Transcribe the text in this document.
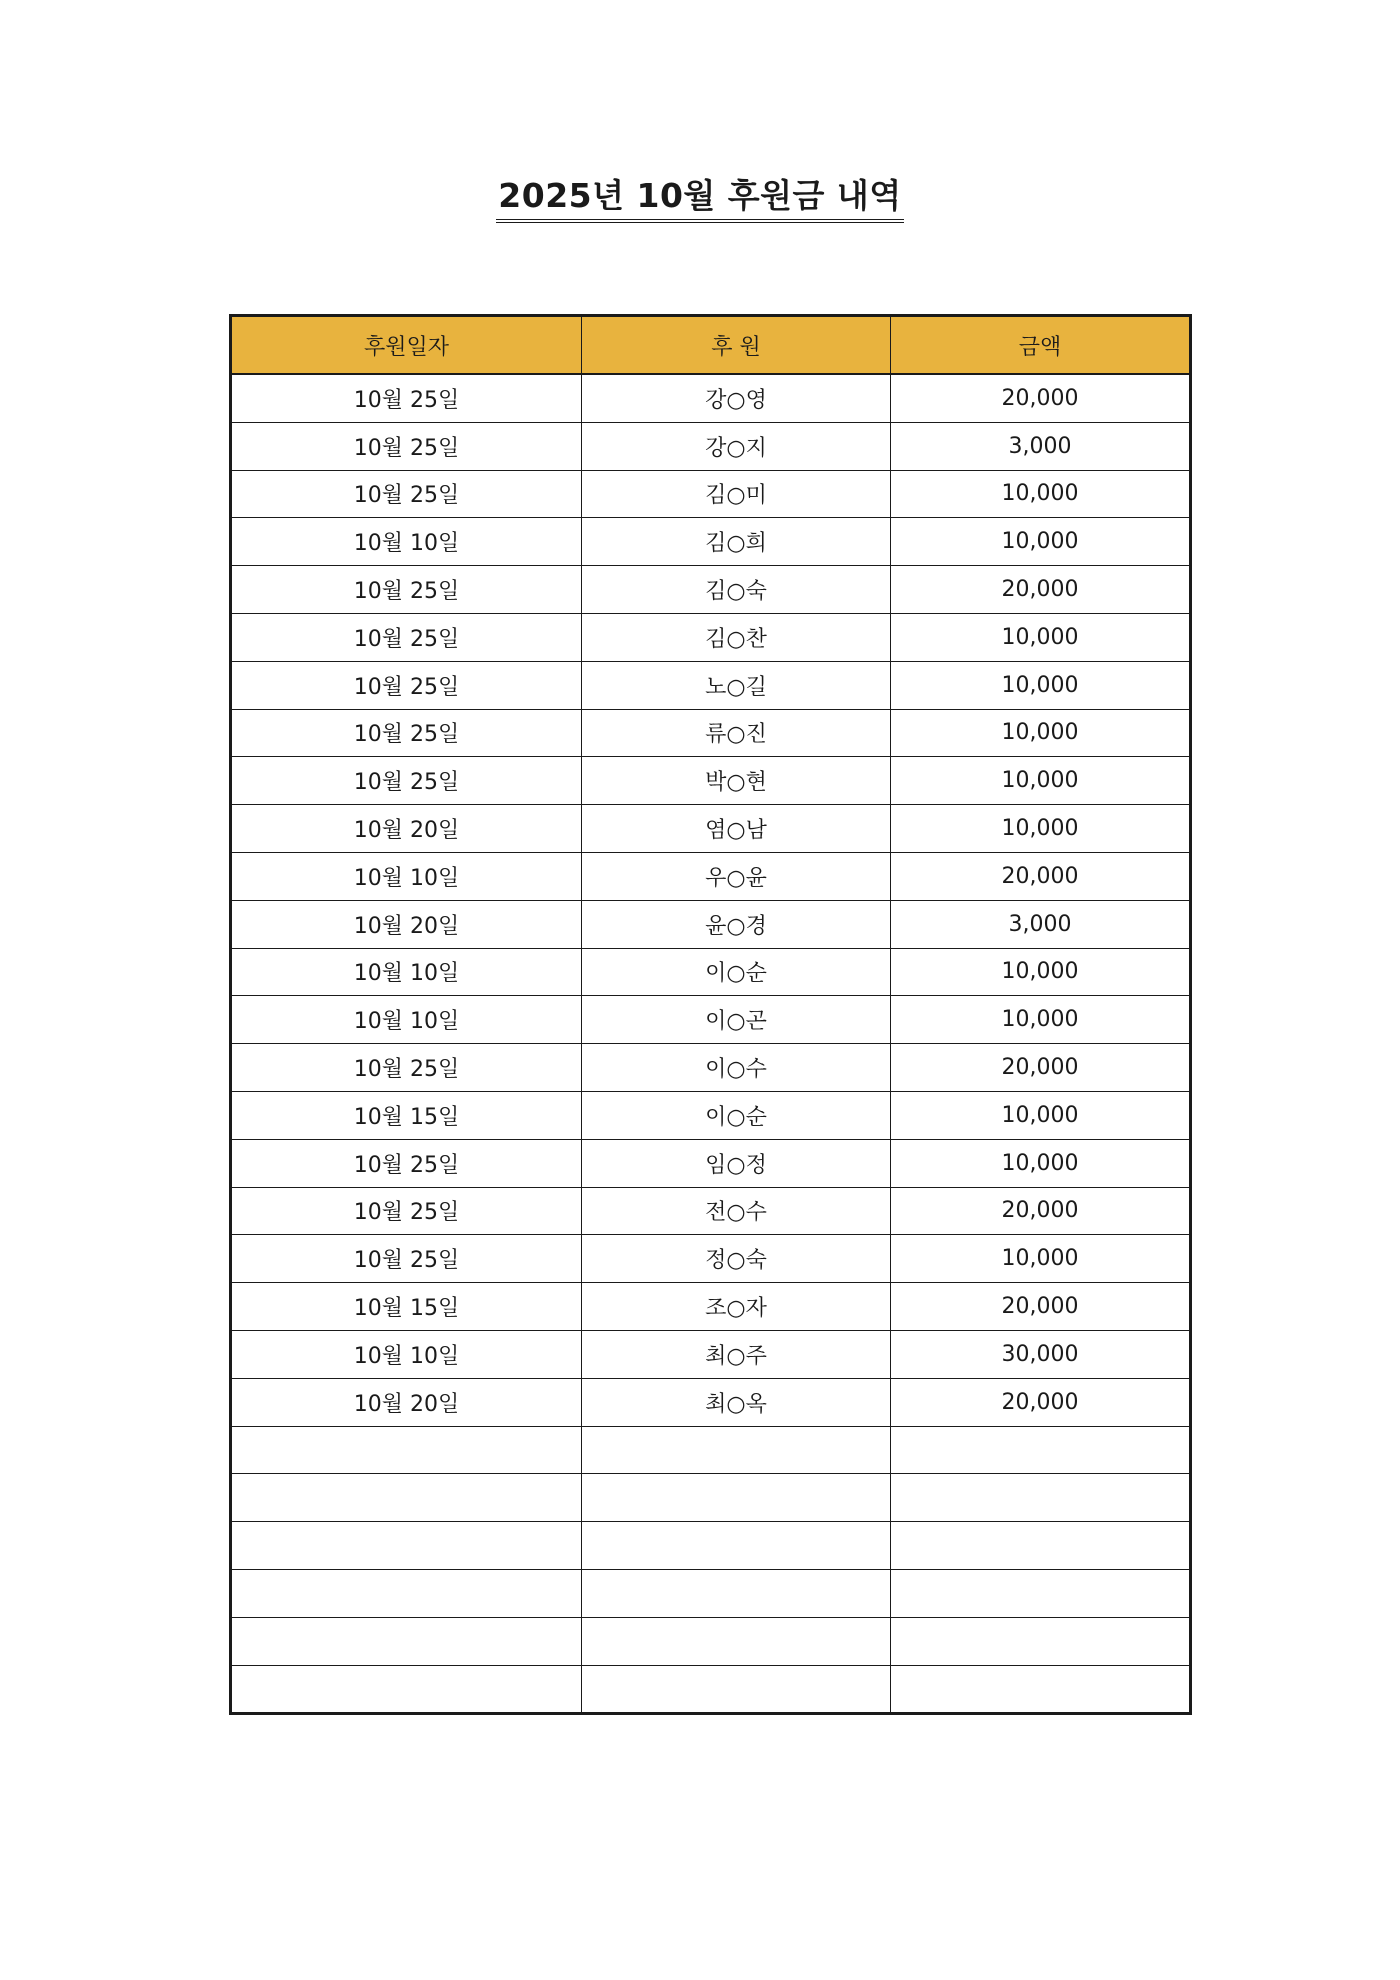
2025년 10월 후원금 내역
후원일자	후 원	금액
10월 25일	강○영	20,000
10월 25일	강○지	3,000
10월 25일	김○미	10,000
10월 10일	김○희	10,000
10월 25일	김○숙	20,000
10월 25일	김○찬	10,000
10월 25일	노○길	10,000
10월 25일	류○진	10,000
10월 25일	박○현	10,000
10월 20일	염○남	10,000
10월 10일	우○윤	20,000
10월 20일	윤○경	3,000
10월 10일	이○순	10,000
10월 10일	이○곤	10,000
10월 25일	이○수	20,000
10월 15일	이○순	10,000
10월 25일	임○정	10,000
10월 25일	전○수	20,000
10월 25일	정○숙	10,000
10월 15일	조○자	20,000
10월 10일	최○주	30,000
10월 20일	최○옥	20,000
